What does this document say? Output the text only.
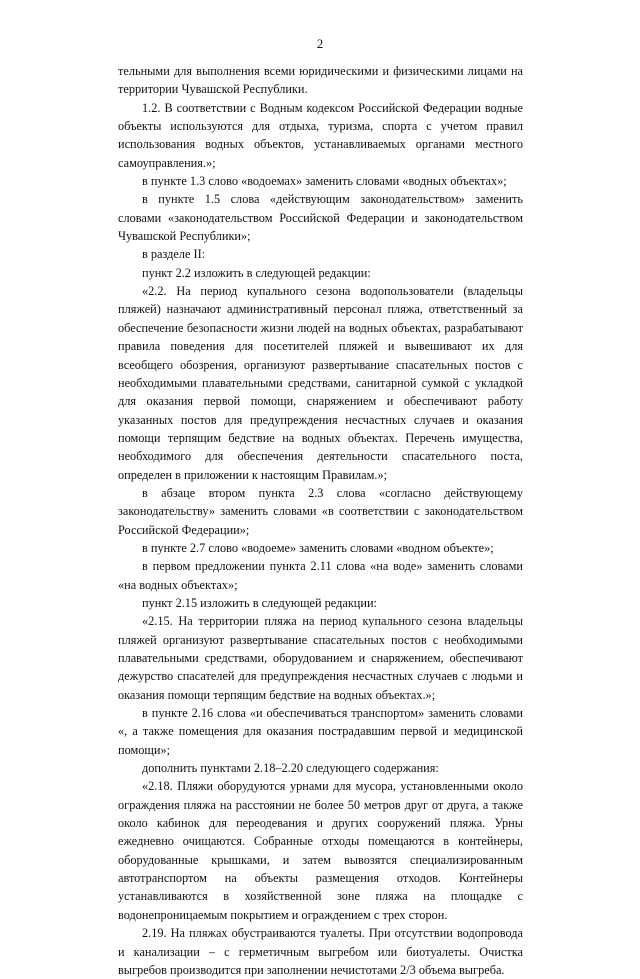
2

тельными для выполнения всеми юридическими и физическими лицами на территории Чувашской Республики.

1.2. В соответствии с Водным кодексом Российской Федерации водные объекты используются для отдыха, туризма, спорта с учетом правил использования водных объектов, устанавливаемых органами местного самоуправления.»;

в пункте 1.3 слово «водоемах» заменить словами «водных объектах»;

в пункте 1.5 слова «действующим законодательством» заменить словами «законодательством Российской Федерации и законодательством Чувашской Республики»;

в разделе II:

пункт 2.2 изложить в следующей редакции:

«2.2. На период купального сезона водопользователи (владельцы пляжей) назначают административный персонал пляжа, ответственный за обеспечение безопасности жизни людей на водных объектах, разрабатывают правила поведения для посетителей пляжей и вывешивают их для всеобщего обозрения, организуют развертывание спасательных постов с необходимыми плавательными средствами, санитарной сумкой с укладкой для оказания первой помощи, снаряжением и обеспечивают работу указанных постов для предупреждения несчастных случаев и оказания помощи терпящим бедствие на водных объектах. Перечень имущества, необходимого для обеспечения деятельности спасательного поста, определен в приложении к настоящим Правилам.»;

в абзаце втором пункта 2.3 слова «согласно действующему законодательству» заменить словами «в соответствии с законодательством Российской Федерации»;

в пункте 2.7 слово «водоеме» заменить словами «водном объекте»;

в первом предложении пункта 2.11 слова «на воде» заменить словами «на водных объектах»;

пункт 2.15 изложить в следующей редакции:

«2.15. На территории пляжа на период купального сезона владельцы пляжей организуют развертывание спасательных постов с необходимыми плавательными средствами, оборудованием и снаряжением, обеспечивают дежурство спасателей для предупреждения несчастных случаев с людьми и оказания помощи терпящим бедствие на водных объектах.»;

в пункте 2.16 слова «и обеспечиваться транспортом» заменить словами «, а также помещения для оказания пострадавшим первой и медицинской помощи»;

дополнить пунктами 2.18–2.20 следующего содержания:

«2.18. Пляжи оборудуются урнами для мусора, установленными около ограждения пляжа на расстоянии не более 50 метров друг от друга, а также около кабинок для переодевания и других сооружений пляжа. Урны ежедневно очищаются. Собранные отходы помещаются в контейнеры, оборудованные крышками, и затем вывозятся специализированным автотранспортом на объекты размещения отходов. Контейнеры устанавливаются в хозяйственной зоне пляжа на площадке с водонепроницаемым покрытием и ограждением с трех сторон.

2.19. На пляжах обустраиваются туалеты. При отсутствии водопровода и канализации – с герметичным выгребом или биотуалеты. Очистка выгребов производится при заполнении нечистотами 2/3 объема выгреба.
